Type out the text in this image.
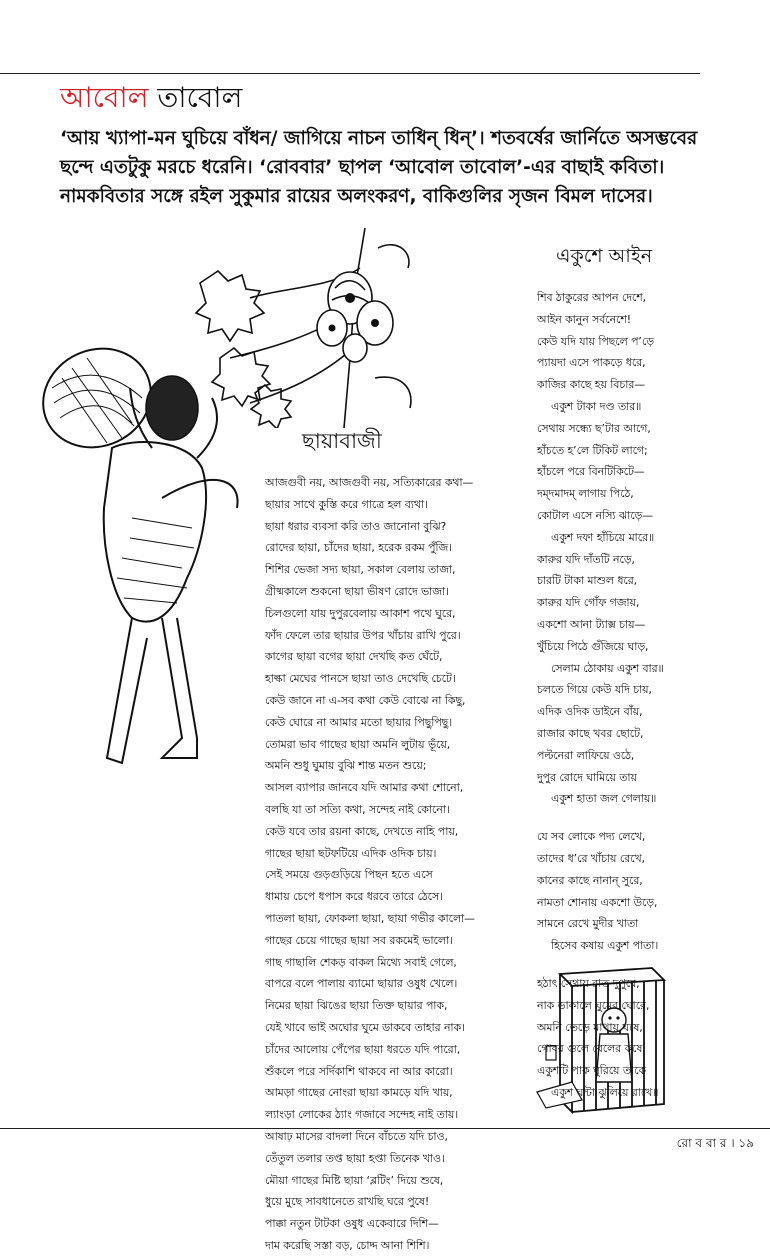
আবোল তাবোল
‘আয় খ্যাপা-মন ঘুচিয়ে বাঁধন/ জাগিয়ে নাচন তাধিন্ ধিন্’। শতবর্ষের জার্নিতে অসম্ভবের
ছন্দে এতটুকু মরচে ধরেনি। ‘রোববার’ ছাপল ‘আবোল তাবোল’-এর বাছাই কবিতা।
নামকবিতার সঙ্গে রইল সুকুমার রায়ের অলংকরণ, বাকিগুলির সৃজন বিমল দাসের।
ছায়াবাজী
আজগুবী নয়, আজগুবী নয়, সত্যিকারের কথা—
ছায়ার সাথে কুস্তি করে গাত্রে হল ব্যথা।
ছায়া ধরার ব্যবসা করি তাও জানোনা বুঝি?
রোদের ছায়া, চাঁদের ছায়া, হরেক রকম পুঁজি।
শিশির ভেজা সদ্য ছায়া, সকাল বেলায় তাজা,
গ্রীষ্মকালে শুকনো ছায়া ভীষণ রোদে ভাজা।
চিলগুলো যায় দুপুরবেলায় আকাশ পথে ঘুরে,
ফাঁদ ফেলে তার ছায়ার উপর খাঁচায় রাখি পুরে।
কাগের ছায়া বগের ছায়া দেখছি কত ঘেঁটে,
হাল্কা মেঘের পানসে ছায়া তাও দেখেছি চেটে।
কেউ জানে না এ-সব কথা কেউ বোঝে না কিছু,
কেউ ঘোরে না আমার মতো ছায়ার পিছুপিছু।
তোমরা ভাব গাছের ছায়া অমনি লুটায় ভূঁয়ে,
অমনি শুধু ঘুমায় বুঝি শান্ত মতন শুয়ে;
আসল ব্যাপার জানবে যদি আমার কথা শোনো,
বলছি যা তা সত্যি কথা, সন্দেহ নাই কোনো।
কেউ যবে তার রয়না কাছে, দেখতে নাহি পায়,
গাছের ছায়া ছটফটিয়ে এদিক ওদিক চায়।
সেই সময়ে গুড়গুড়িয়ে পিছন হতে এসে
ধামায় চেপে ধপাস করে ধরবে তারে ঠেসে।
পাতলা ছায়া, ফোকলা ছায়া, ছায়া গভীর কালো—
গাছের চেয়ে গাছের ছায়া সব রকমেই ভালো।
গাছ গাছালি শেকড় বাকল মিথ্যে সবাই গেলে,
বাপরে বলে পালায় ব্যামো ছায়ার ওষুধ খেলে।
নিমের ছায়া ঝিঙের ছায়া তিক্ত ছায়ার পাক,
যেই খাবে ভাই অঘোর ঘুমে ডাকবে তাহার নাক।
চাঁদের আলোয় পেঁপের ছায়া ধরতে যদি পারো,
শুঁকলে পরে সর্দিকাশি থাকবে না আর কারো।
আমড়া গাছের নোংরা ছায়া কামড়ে যদি খায়,
ল্যাংড়া লোকের ঠ্যাং গজাবে সন্দেহ নাই তায়।
আষাঢ় মাসের বাদলা দিনে বাঁচতে যদি চাও,
তেঁতুল তলার তপ্ত ছায়া হপ্তা তিনেক খাও।
মৌয়া গাছের মিষ্টি ছায়া ‘ব্লটিং’ দিয়ে শুষে,
ধুয়ে মুছে সাবধানেতে রাখছি ঘরে পুষে!
পাক্কা নতুন টাটকা ওষুধ একেবারে দিশি—
দাম করেছি সস্তা বড়, চোদ্দ আনা শিশি।
একুশে আইন
শিব ঠাকুরের আপন দেশে,
আইন কানুন সর্বনেশে!
কেউ যদি যায় পিছলে প’ড়ে
প্যায়দা এসে পাকড়ে ধরে,
কাজির কাছে হয় বিচার—
একুশ টাকা দণ্ড তার॥
সেথায় সন্ধ্যে ছ’টার আগে,
হাঁচতে হ’লে টিকিট লাগে;
হাঁচলে পরে বিনটিকিটে—
দম্‌দমাদম্ লাগায় পিঠে,
কোটাল এসে নস্যি ঝাড়ে—
একুশ দফা হাঁচিয়ে মারে॥
কারুর যদি দাঁতটি নড়ে,
চারটি টাকা মাশুল ধরে,
কারুর যদি গোঁফ গজায়,
একশো আনা ট্যাক্স চায়—
খুঁচিয়ে পিঠে গুঁজিয়ে ঘাড়,
সেলাম ঠোকায় একুশ বার॥
চলতে গিয়ে কেউ যদি চায়,
এদিক ওদিক ডাইনে বাঁয়,
রাজার কাছে খবর ছোটে,
পল্টনেরা লাফিয়ে ওঠে,
দুপুর রোদে ঘামিয়ে তায়
একুশ হাতা জল গেলায়॥
যে সব লোকে পদ্য লেখে,
তাদের ধ’রে খাঁচায় রেখে,
কানের কাছে নানান্ সুরে,
নামতা শোনায় একশো উড়ে,
সামনে রেখে মুদীর খাতা
হিসেব কষায় একুশ পাতা।
হঠাৎ সেথায় রাত দুপুরে,
নাক ডাকালে ঘুমের ঘোরে,
অমনি তেড়ে মাথায় ঘষে,
গোবর গুলে বেলের কষে,
একুশটি পাক ঘুরিয়ে তাকে
একুশ ঘন্টা ঝুলিয়ে রাখে॥
রো ব বা র । ১৯
